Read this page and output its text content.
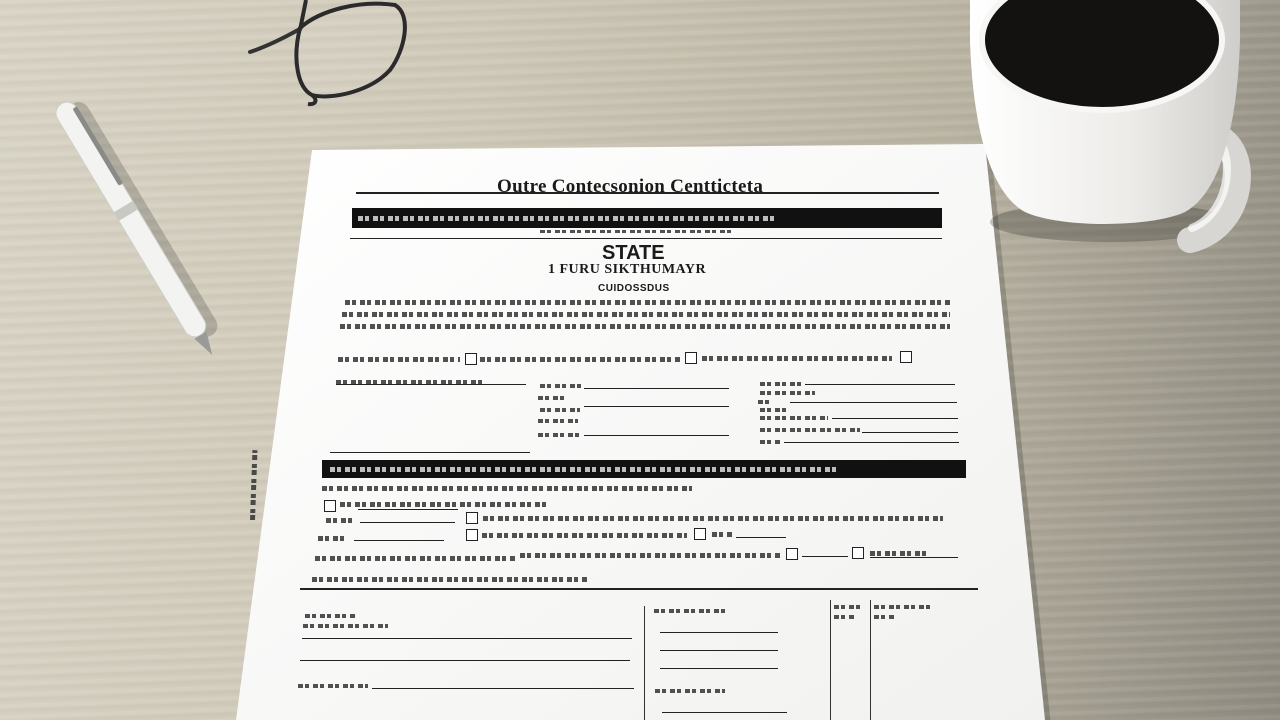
Outre Contecsonion Centticteta
STATE
1 FURU SIKTHUMAYR
CUIDOSSDUS
